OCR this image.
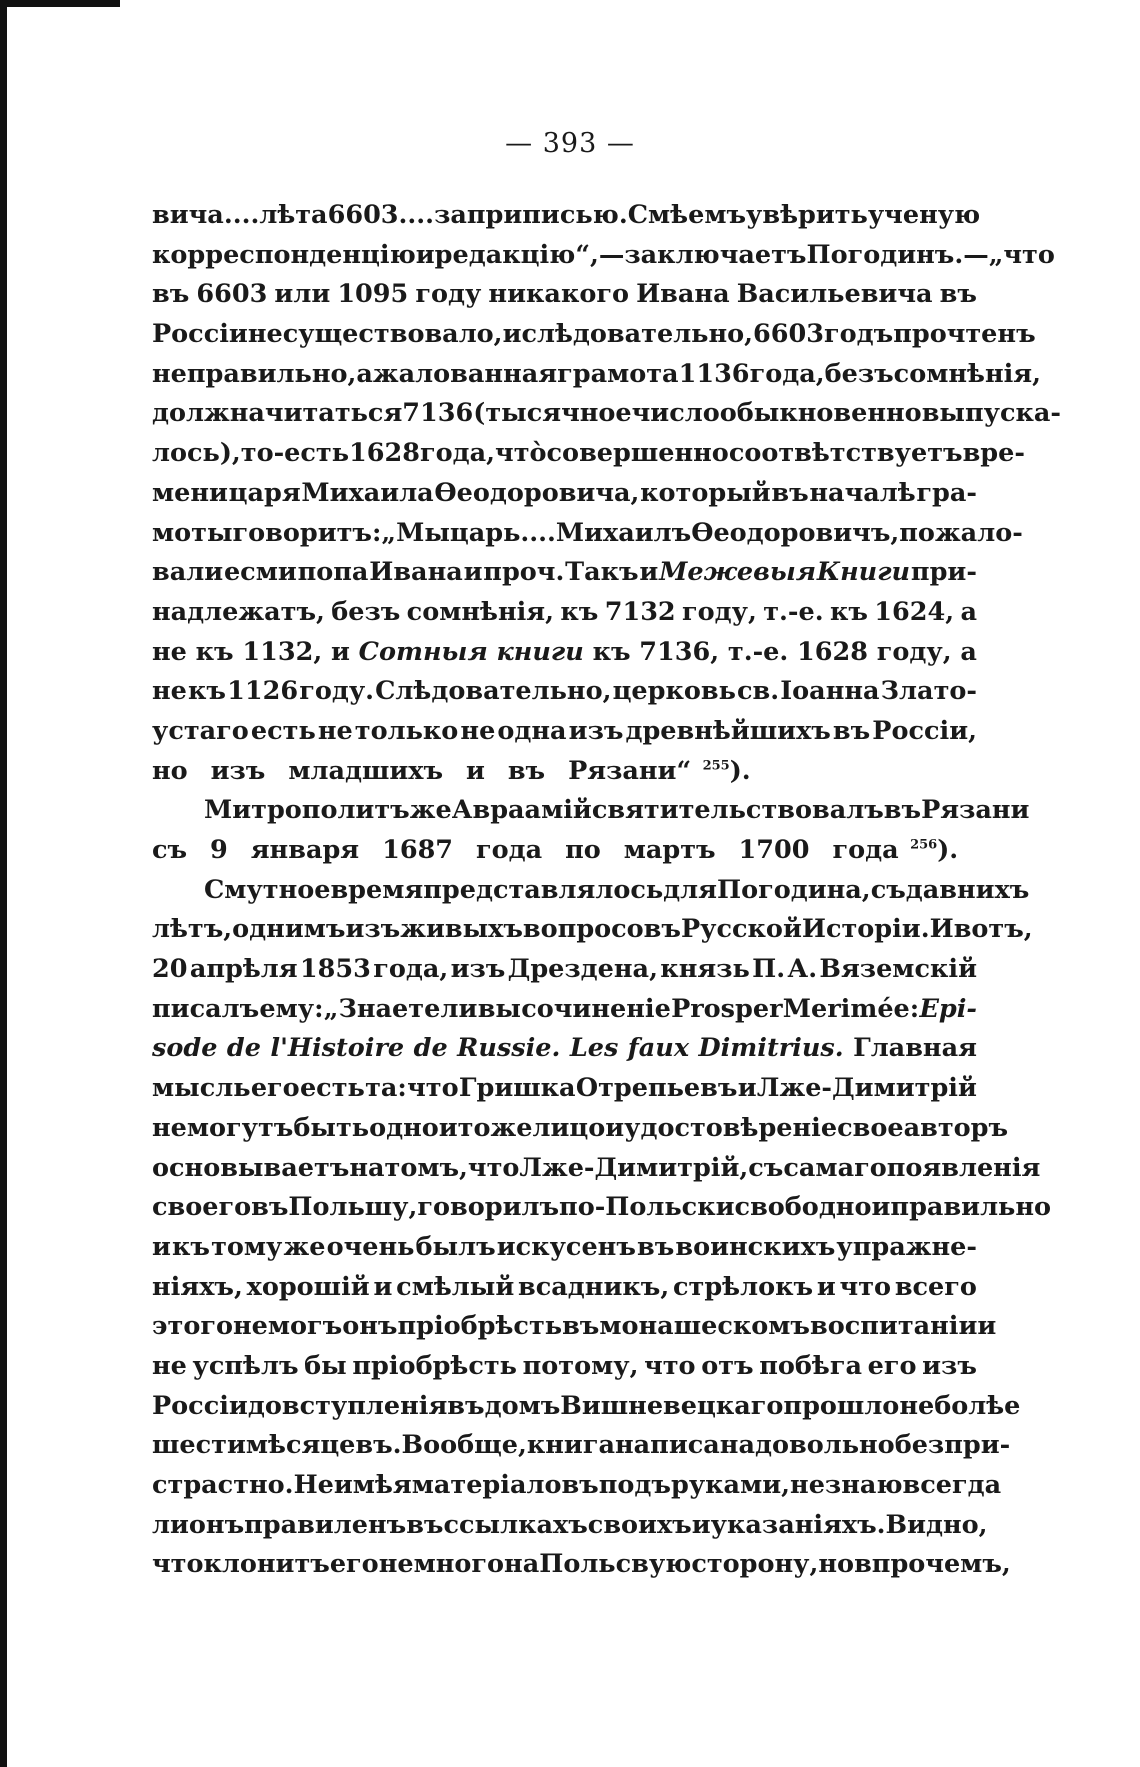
— 393 —
вича.... лѣта 6603.... за приписью. Смѣемъ увѣрить ученую
корреспонденцію и редакцію“,—заключаетъ Погодинъ.—„что
въ 6603 или 1095 году никакого Ивана Васильевича въ
Россіи не существовало, и слѣдовательно, 6603 годъ прочтенъ
неправильно, а жалованная грамота 1136 года, безъ сомнѣнія,
должна читаться 7136 (тысячное число обыкновенно выпуска-
лось), то-есть 1628 года, что̀ совершенно соотвѣтствуетъ вре-
мени царя Михаила Ѳеодоровича, который въ началѣ гра-
моты говоритъ: „Мы царь.... Михаилъ Ѳеодоровичъ, пожало-
вали есми попа Ивана и проч. Такъ и Межевыя Книги при-
надлежатъ, безъ сомнѣнія, къ 7132 году, т.-е. къ 1624, а
не къ 1132, и Сотныя книги къ 7136, т.-е. 1628 году, а
не къ 1126 году. Слѣдовательно, церковь св. Іоанна Злато-
устаго есть не только не одна изъ древнѣйшихъ въ Россіи,
но изъ младшихъ и въ Рязани“ $^{255}$).
Митрополитъ же Авраамій святительствовалъ въ Рязани
съ 9 января 1687 года по мартъ 1700 года $^{256}$).
Смутное время представлялось для Погодина, съ давнихъ
лѣтъ, однимъ изъ живыхъ вопросовъ Русской Исторіи. И вотъ,
20 апрѣля 1853 года, изъ Дрездена, князь П. А. Вяземскій
писалъ ему: „Знаете ли вы сочиненіе Prosper Merimée: Epi-
sode de l'Histoire de Russie. Les faux Dimitrius. Главная
мысль его есть та: что Гришка Отрепьевъ и Лже-Димитрій
не могутъ быть одно и тоже лицо и удостовѣреніе свое авторъ
основываетъ на томъ, что Лже-Димитрій, съ самаго появленія
своего въ Польшу, говорилъ по-Польски свободно и правильно
и къ тому же очень былъ искусенъ въ воинскихъ упражне-
ніяхъ, хорошій и смѣлый всадникъ, стрѣлокъ и что всего
этого не могъ онъ пріобрѣсть въ монашескомъ воспитаніи и
не успѣлъ бы пріобрѣсть потому, что отъ побѣга его изъ
Россіи до вступленія въ домъ Вишневецкаго прошло не болѣе
шести мѣсяцевъ. Вообще, книга написана довольно безпри-
страстно. Не имѣя матеріаловъ подъ руками, не знаю всегда
ли онъ правиленъ въ ссылкахъ своихъ и указаніяхъ. Видно,
что клонитъ его немного на Польсвую сторону, но впрочемъ,
